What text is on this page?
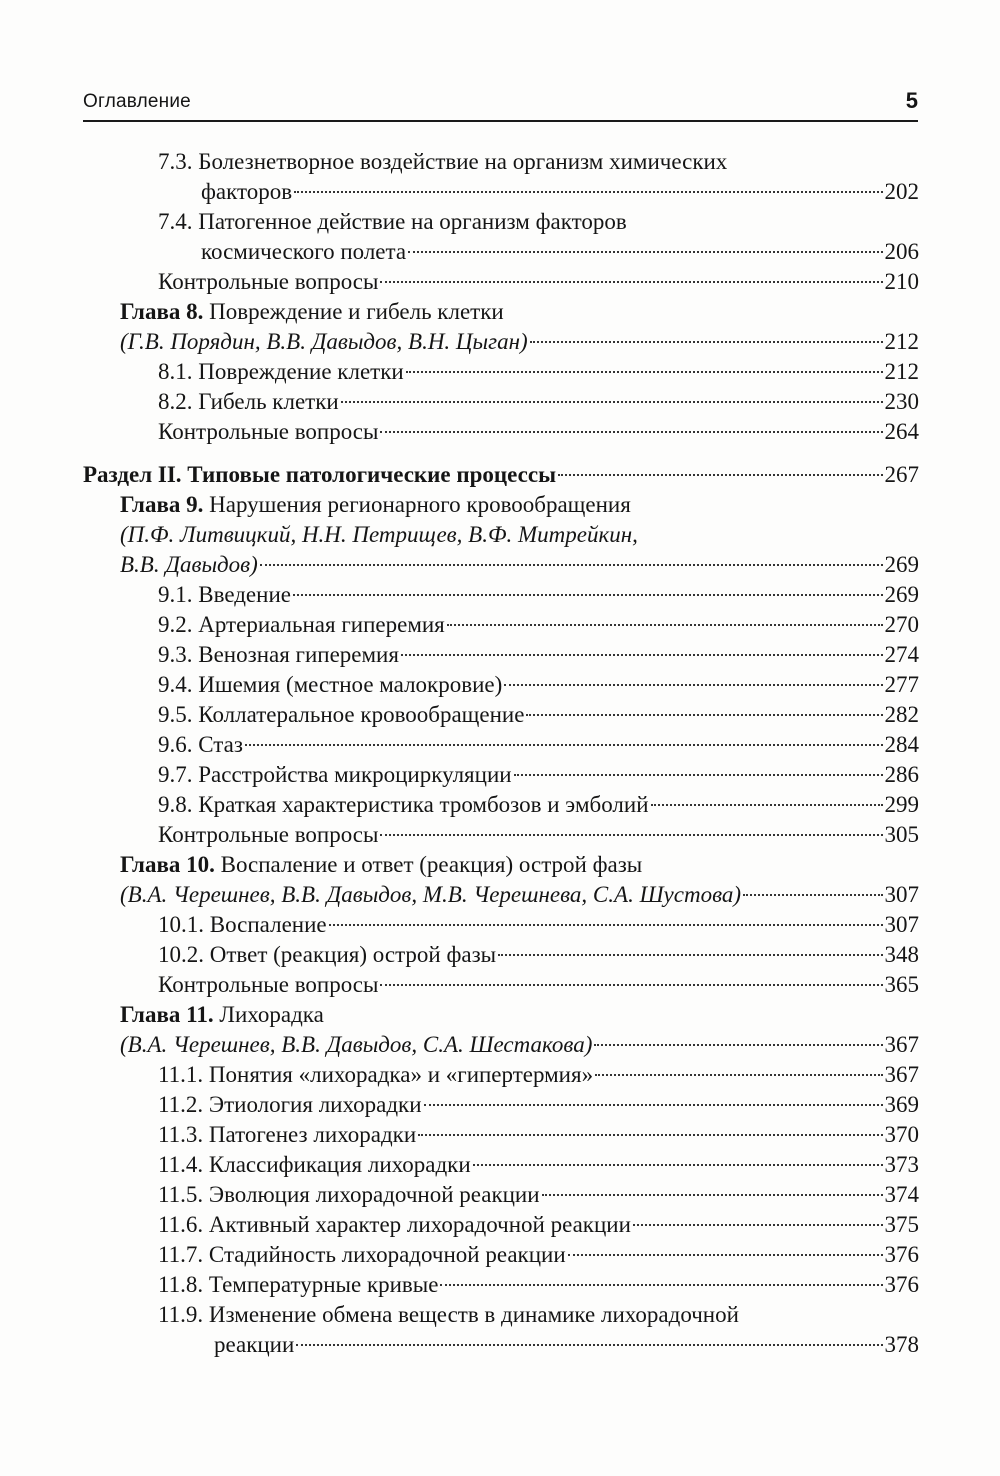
Оглавление	5
7.3. Болезнетворное воздействие на организм химических
факторов	202
7.4. Патогенное действие на организм факторов
космического полета	206
Контрольные вопросы	210
Глава 8. Повреждение и гибель клетки
(Г.В. Порядин, В.В. Давыдов, В.Н. Цыган)	212
8.1. Повреждение клетки	212
8.2. Гибель клетки	230
Контрольные вопросы	264
Раздел II. Типовые патологические процессы	267
Глава 9. Нарушения регионарного кровообращения
(П.Ф. Литвицкий, Н.Н. Петрищев, В.Ф. Митрейкин,
В.В. Давыдов)	269
9.1. Введение	269
9.2. Артериальная гиперемия	270
9.3. Венозная гиперемия	274
9.4. Ишемия (местное малокровие)	277
9.5. Коллатеральное кровообращение	282
9.6. Стаз	284
9.7. Расстройства микроциркуляции	286
9.8. Краткая характеристика тромбозов и эмболий	299
Контрольные вопросы	305
Глава 10. Воспаление и ответ (реакция) острой фазы
(В.А. Черешнев, В.В. Давыдов, М.В. Черешнева, С.А. Шустова)	307
10.1. Воспаление	307
10.2. Ответ (реакция) острой фазы	348
Контрольные вопросы	365
Глава 11. Лихорадка
(В.А. Черешнев, В.В. Давыдов, С.А. Шестакова)	367
11.1. Понятия «лихорадка» и «гипертермия»	367
11.2. Этиология лихорадки	369
11.3. Патогенез лихорадки	370
11.4. Классификация лихорадки	373
11.5. Эволюция лихорадочной реакции	374
11.6. Активный характер лихорадочной реакции	375
11.7. Стадийность лихорадочной реакции	376
11.8. Температурные кривые	376
11.9. Изменение обмена веществ в динамике лихорадочной
реакции	378
